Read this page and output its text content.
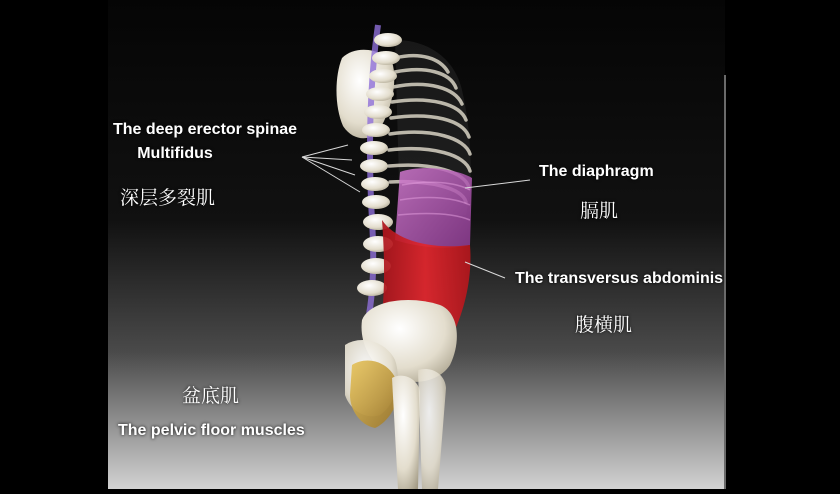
The deep erector spinae
Multifidus
深层多裂肌
The diaphragm
膈肌
The transversus abdominis
腹横肌
盆底肌
The pelvic floor muscles
